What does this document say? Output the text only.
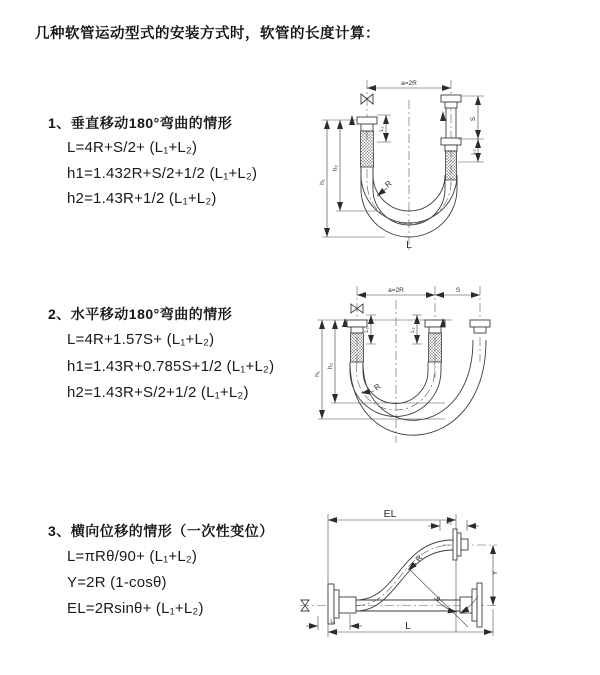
几种软管运动型式的安装方式时，软管的长度计算：
1、垂直移动180°弯曲的情形
L=4R+S/2+ (L₁+L₂)
h1=1.432R+S/2+1/2 (L₁+L₂)
h2=1.43R+1/2 (L₁+L₂)
2、水平移动180°弯曲的情形
L=4R+1.57S+ (L₁+L₂)
h1=1.43R+0.785S+1/2 (L₁+L₂)
h2=1.43R+S/2+1/2 (L₁+L₂)
3、横向位移的情形（一次性变位）
L=πRθ/90+ (L₁+L₂)
Y=2R (1-cosθ)
EL=2Rsinθ+ (L₁+L₂)
a=2R
h₁
h₂
L₁
S
L₂
R
L
a=2R	S
L₁	L₂
h₁
h₂
R
EL
L₂
θ
R
Y
L₁	L
